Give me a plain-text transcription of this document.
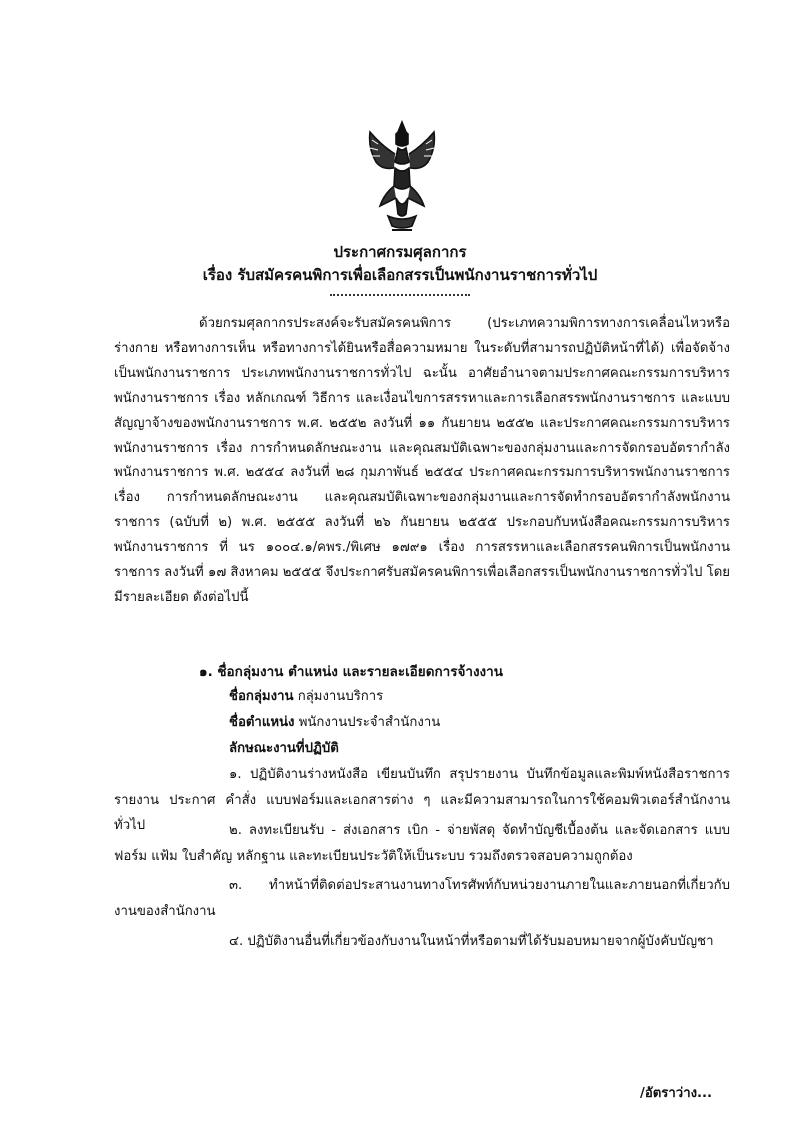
ประกาศกรมศุลกากร
เรื่อง รับสมัครคนพิการเพื่อเลือกสรรเป็นพนักงานราชการทั่วไป
ด้วยกรมศุลกากรประสงค์จะรับสมัครคนพิการ (ประเภทความพิการทางการเคลื่อนไหวหรือร่างกาย หรือทางการเห็น หรือทางการได้ยินหรือสื่อความหมาย ในระดับที่สามารถปฏิบัติหน้าที่ได้) เพื่อจัดจ้างเป็นพนักงานราชการ ประเภทพนักงานราชการทั่วไป ฉะนั้น อาศัยอำนาจตามประกาศคณะกรรมการบริหารพนักงานราชการ เรื่อง หลักเกณฑ์ วิธีการ และเงื่อนไขการสรรหาและการเลือกสรรพนักงานราชการ และแบบสัญญาจ้างของพนักงานราชการ พ.ศ. ๒๕๕๒ ลงวันที่ ๑๑ กันยายน ๒๕๕๒ และประกาศคณะกรรมการบริหารพนักงานราชการ เรื่อง การกำหนดลักษณะงาน และคุณสมบัติเฉพาะของกลุ่มงานและการจัดกรอบอัตรากำลังพนักงานราชการ พ.ศ. ๒๕๕๔ ลงวันที่ ๒๘ กุมภาพันธ์ ๒๕๕๔ ประกาศคณะกรรมการบริหารพนักงานราชการ เรื่อง การกำหนดลักษณะงาน และคุณสมบัติเฉพาะของกลุ่มงานและการจัดทำกรอบอัตรากำลังพนักงานราชการ (ฉบับที่ ๒) พ.ศ. ๒๕๕๕ ลงวันที่ ๒๖ กันยายน ๒๕๕๕ ประกอบกับหนังสือคณะกรรมการบริหารพนักงานราชการ ที่ นร ๑๐๐๔.๑/คพร./พิเศษ ๑๗๙๑ เรื่อง การสรรหาและเลือกสรรคนพิการเป็นพนักงานราชการ ลงวันที่ ๑๗ สิงหาคม ๒๕๕๕ จึงประกาศรับสมัครคนพิการเพื่อเลือกสรรเป็นพนักงานราชการทั่วไป โดยมีรายละเอียด ดังต่อไปนี้
๑. ชื่อกลุ่มงาน ตำแหน่ง และรายละเอียดการจ้างงาน
ชื่อกลุ่มงาน กลุ่มงานบริการ
ชื่อตำแหน่ง พนักงานประจำสำนักงาน
ลักษณะงานที่ปฏิบัติ
๑. ปฏิบัติงานร่างหนังสือ เขียนบันทึก สรุปรายงาน บันทึกข้อมูลและพิมพ์หนังสือราชการ รายงาน ประกาศ คำสั่ง แบบฟอร์มและเอกสารต่าง ๆ และมีความสามารถในการใช้คอมพิวเตอร์สำนักงานทั่วไป	๒. ลงทะเบียนรับ - ส่งเอกสาร เบิก - จ่ายพัสดุ จัดทำบัญชีเบื้องต้น และจัดเอกสาร แบบฟอร์ม แฟ้ม ใบสำคัญ หลักฐาน และทะเบียนประวัติให้เป็นระบบ รวมถึงตรวจสอบความถูกต้อง
๓. ทำหน้าที่ติดต่อประสานงานทางโทรศัพท์กับหน่วยงานภายในและภายนอกที่เกี่ยวกับงานของสำนักงาน
๔. ปฏิบัติงานอื่นที่เกี่ยวข้องกับงานในหน้าที่หรือตามที่ได้รับมอบหมายจากผู้บังคับบัญชา
/อัตราว่าง...
